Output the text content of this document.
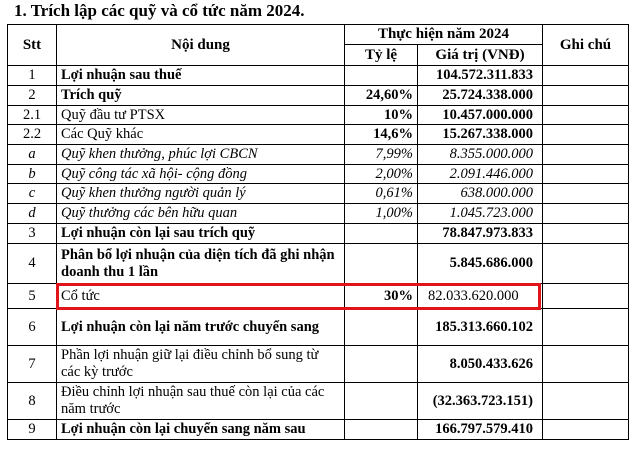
1. Trích lập các quỹ và cổ tức năm 2024.
Stt	Nội dung	Thực hiện năm 2024		Ghi chú
		Tỷ lệ	Giá trị (VNĐ)	
1	Lợi nhuận sau thuế		104.572.311.833	
2	Trích quỹ	24,60%	25.724.338.000	
2.1	Quỹ đầu tư PTSX	10%	10.457.000.000	
2.2	Các Quỹ khác	14,6%	15.267.338.000	
a	Quỹ khen thưởng, phúc lợi CBCN	7,99%	8.355.000.000	
b	Quỹ công tác xã hội- cộng đồng	2,00%	2.091.446.000	
c	Quỹ khen thưởng người quản lý	0,61%	638.000.000	
d	Quỹ thưởng các bên hữu quan	1,00%	1.045.723.000	
3	Lợi nhuận còn lại sau trích quỹ		78.847.973.833	
4	Phân bổ lợi nhuận của diện tích đã ghi nhận doanh thu 1 lần		5.845.686.000	
5	Cổ tức	30%	82.033.620.000	
6	Lợi nhuận còn lại năm trước chuyển sang		185.313.660.102	
7	Phần lợi nhuận giữ lại điều chỉnh bổ sung từ các kỳ trước		8.050.433.626	
8	Điều chỉnh lợi nhuận sau thuế còn lại của các năm trước		(32.363.723.151)	
9	Lợi nhuận còn lại chuyển sang năm sau		166.797.579.410	
